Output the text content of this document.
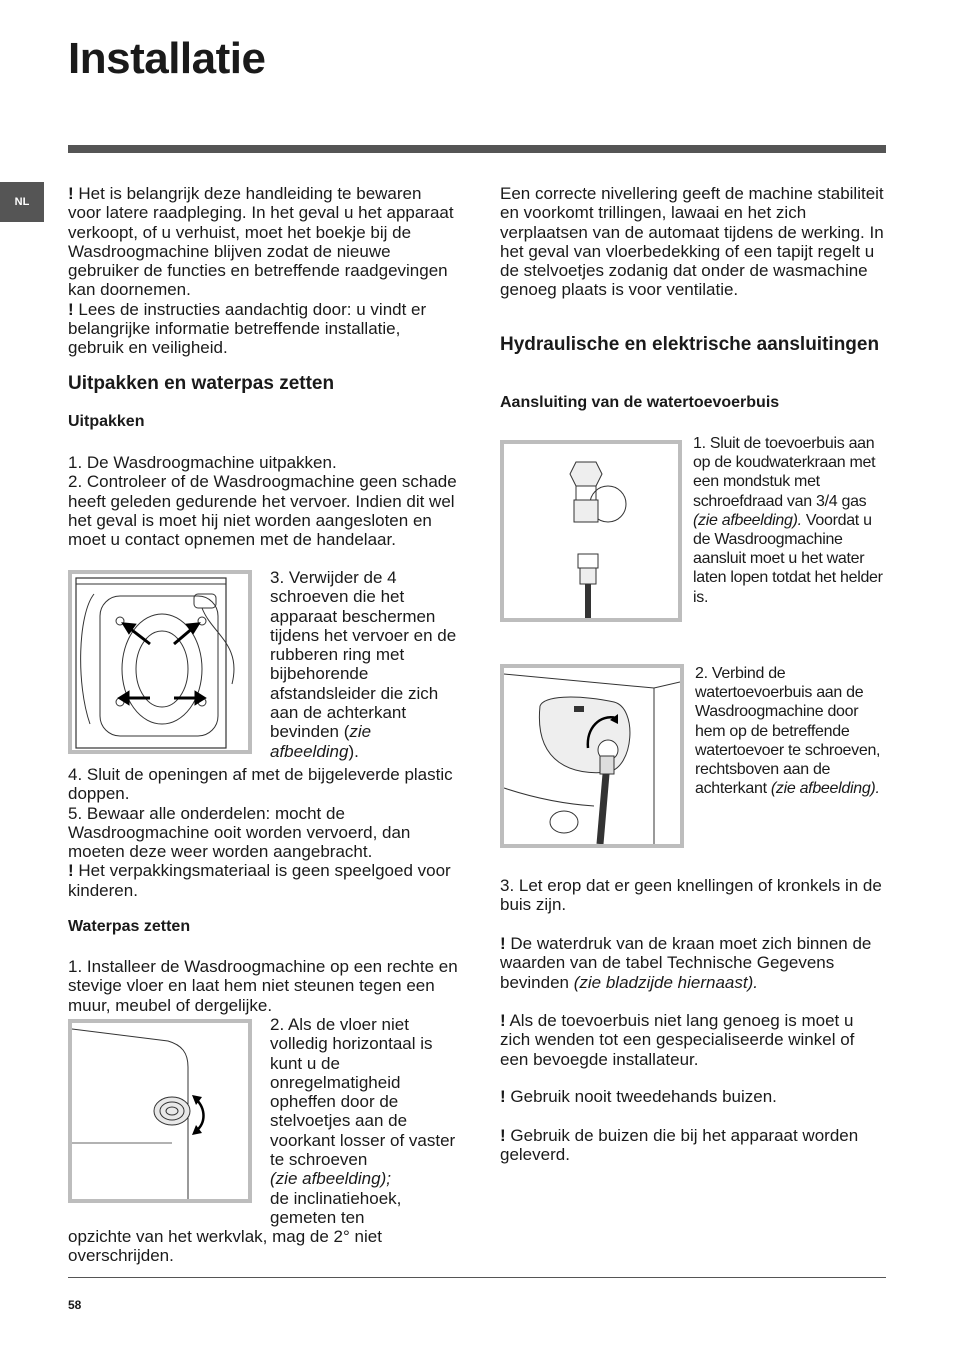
Installatie
NL	! Het is belangrijk deze handleiding te bewaren voor latere raadpleging. In het geval u het apparaat verkoopt, of u verhuist, moet het boekje bij de Wasdroogmachine blijven zodat de nieuwe gebruiker de functies en betreffende raadgevingen kan doornemen.
! Lees de instructies aandachtig door: u vindt er belangrijke informatie betreffende installatie, gebruik en veiligheid.

Uitpakken en waterpas zetten
Uitpakken

1. De Wasdroogmachine uitpakken.
2. Controleer of de Wasdroogmachine geen schade heeft geleden gedurende het vervoer. Indien dit wel het geval is moet hij niet worden aangesloten en moet u contact opnemen met de handelaar.

3. Verwijder de 4 schroeven die het apparaat beschermen tijdens het vervoer en de rubberen ring met bijbehorende afstandsleider die zich aan de achterkant bevinden (zie afbeelding).

4. Sluit de openingen af met de bijgeleverde plastic doppen.
5. Bewaar alle onderdelen: mocht de Wasdroogmachine ooit worden vervoerd, dan moeten deze weer worden aangebracht.
! Het verpakkingsmateriaal is geen speelgoed voor kinderen.

Waterpas zetten

1. Installeer de Wasdroogmachine op een rechte en stevige vloer en laat hem niet steunen tegen een muur, meubel of dergelijke.

2. Als de vloer niet volledig horizontaal is kunt u de onregelmatigheid opheffen door de stelvoetjes aan de voorkant losser of vaster te schroeven
(zie afbeelding);
de inclinatiehoek, gemeten ten

opzichte van het werkvlak, mag de 2° niet overschrijden.

Een correcte nivellering geeft de machine stabiliteit en voorkomt trillingen, lawaai en het zich verplaatsen van de automaat tijdens de werking. In het geval van vloerbedekking of een tapijt regelt u de stelvoetjes zodanig dat onder de wasmachine genoeg plaats is voor ventilatie.

Hydraulische en elektrische aansluitingen
Aansluiting van de watertoevoerbuis

1. Sluit de toevoerbuis aan op de koudwaterkraan met een mondstuk met schroefdraad van 3/4 gas (zie afbeelding). Voordat u de Wasdroogmachine aansluit moet u het water laten lopen totdat het helder is.

2. Verbind de watertoevoerbuis aan de Wasdroogmachine door hem op de betreffende watertoevoer te schroeven, rechtsboven aan de achterkant (zie afbeelding).

3. Let erop dat er geen knellingen of kronkels in de buis zijn.

! De waterdruk van de kraan moet zich binnen de waarden van de tabel Technische Gegevens bevinden (zie bladzijde hiernaast).

! Als de toevoerbuis niet lang genoeg is moet u zich wenden tot een gespecialiseerde winkel of een bevoegde installateur.

! Gebruik nooit tweedehands buizen.

! Gebruik de buizen die bij het apparaat worden geleverd.

58
